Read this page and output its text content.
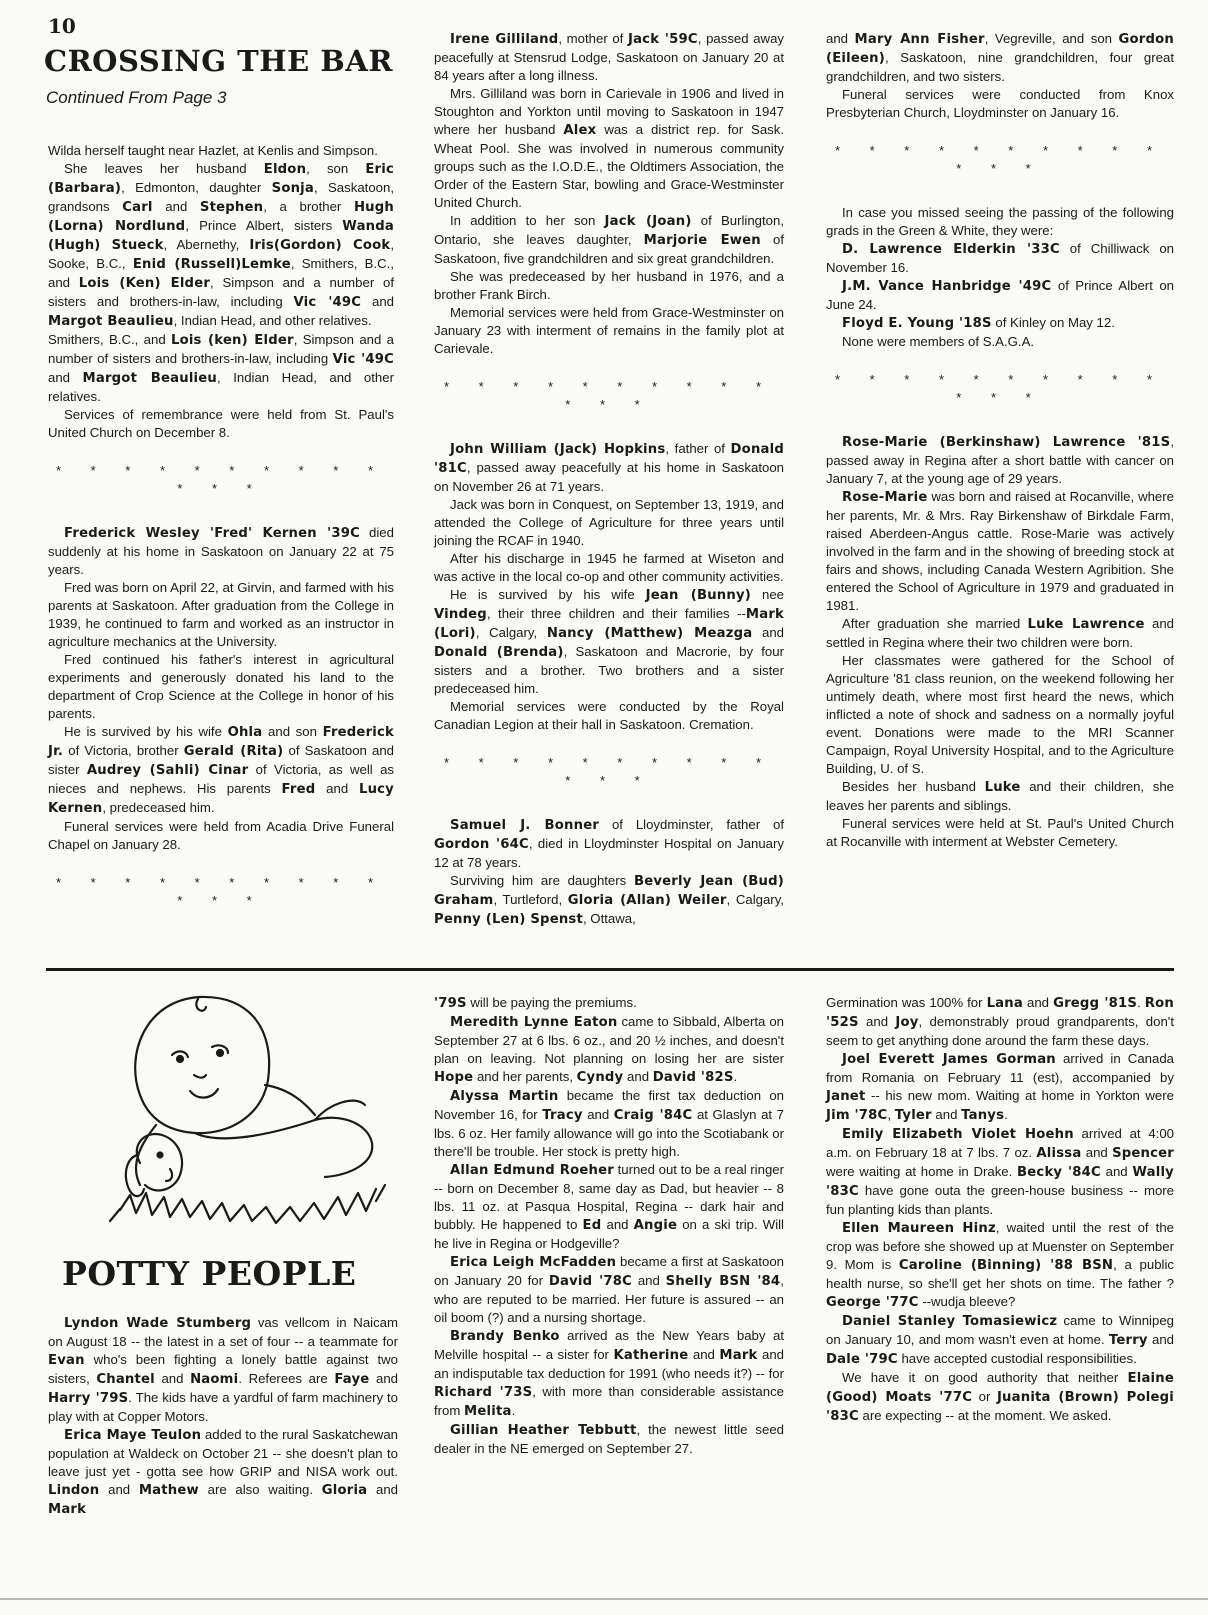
10
CROSSING THE BAR
Continued From Page 3

Wilda herself taught near Hazlet, at Kenlis and Simpson.

She leaves her husband Eldon, son Eric (Barbara), Edmonton, daughter Sonja, Saskatoon, grandsons Carl and Stephen, a brother Hugh (Lorna) Nordlund, Prince Albert, sisters Wanda (Hugh) Stueck, Abernethy, Iris(Gordon) Cook, Sooke, B.C., Enid (Russell)Lemke, Smithers, B.C., and Lois (Ken) Elder, Simpson and a number of sisters and brothers-in-law, including Vic '49C and Margot Beaulieu, Indian Head, and other relatives.

Smithers, B.C., and Lois (ken) Elder, Simpson and a number of sisters and brothers-in-law, including Vic '49C and Margot Beaulieu, Indian Head, and other relatives.

Services of remembrance were held from St. Paul's United Church on December 8.

* * * * * * * * * * * * *

Frederick Wesley 'Fred' Kernen '39C died suddenly at his home in Saskatoon on January 22 at 75 years.

Fred was born on April 22, at Girvin, and farmed with his parents at Saskatoon. After graduation from the College in 1939, he continued to farm and worked as an instructor in agriculture mechanics at the University.

Fred continued his father's interest in agricultural experiments and generously donated his land to the department of Crop Science at the College in honor of his parents.

He is survived by his wife Ohla and son Frederick Jr. of Victoria, brother Gerald (Rita) of Saskatoon and sister Audrey (Sahli) Cinar of Victoria, as well as nieces and nephews. His parents Fred and Lucy Kernen, predeceased him.

Funeral services were held from Acadia Drive Funeral Chapel on January 28.

* * * * * * * * * * * * *

Irene Gilliland, mother of Jack '59C, passed away peacefully at Stensrud Lodge, Saskatoon on January 20 at 84 years after a long illness.

Mrs. Gilliland was born in Carievale in 1906 and lived in Stoughton and Yorkton until moving to Saskatoon in 1947 where her husband Alex was a district rep. for Sask. Wheat Pool. She was involved in numerous community groups such as the I.O.D.E., the Oldtimers Association, the Order of the Eastern Star, bowling and Grace-Westminster United Church.

In addition to her son Jack (Joan) of Burlington, Ontario, she leaves daughter, Marjorie Ewen of Saskatoon, five grandchildren and six great grandchildren.

She was predeceased by her husband in 1976, and a brother Frank Birch.

Memorial services were held from Grace-Westminster on January 23 with interment of remains in the family plot at Carievale.

* * * * * * * * * * * * *

John William (Jack) Hopkins, father of Donald '81C, passed away peacefully at his home in Saskatoon on November 26 at 71 years.

Jack was born in Conquest, on September 13, 1919, and attended the College of Agriculture for three years until joining the RCAF in 1940.

After his discharge in 1945 he farmed at Wiseton and was active in the local co-op and other community activities.

He is survived by his wife Jean (Bunny) nee Vindeg, their three children and their families --Mark (Lori), Calgary, Nancy (Matthew) Meazga and Donald (Brenda), Saskatoon and Macrorie, by four sisters and a brother. Two brothers and a sister predeceased him.

Memorial services were conducted by the Royal Canadian Legion at their hall in Saskatoon. Cremation.

* * * * * * * * * * * * *

Samuel J. Bonner of Lloydminster, father of Gordon '64C, died in Lloydminster Hospital on January 12 at 78 years.

Surviving him are daughters Beverly Jean (Bud) Graham, Turtleford, Gloria (Allan) Weiler, Calgary, Penny (Len) Spenst, Ottawa,

and Mary Ann Fisher, Vegreville, and son Gordon (Eileen), Saskatoon, nine grandchildren, four great grandchildren, and two sisters.

Funeral services were conducted from Knox Presbyterian Church, Lloydminster on January 16.

* * * * * * * * * * * * *

In case you missed seeing the passing of the following grads in the Green & White, they were:

D. Lawrence Elderkin '33C of Chilliwack on November 16.

J.M. Vance Hanbridge '49C of Prince Albert on June 24.

Floyd E. Young '18S of Kinley on May 12.

None were members of S.A.G.A.

* * * * * * * * * * * * *

Rose-Marie (Berkinshaw) Lawrence '81S, passed away in Regina after a short battle with cancer on January 7, at the young age of 29 years.

Rose-Marie was born and raised at Rocanville, where her parents, Mr. & Mrs. Ray Birkenshaw of Birkdale Farm, raised Aberdeen-Angus cattle. Rose-Marie was actively involved in the farm and in the showing of breeding stock at fairs and shows, including Canada Western Agribition. She entered the School of Agriculture in 1979 and graduated in 1981.

After graduation she married Luke Lawrence and settled in Regina where their two children were born.

Her classmates were gathered for the School of Agriculture '81 class reunion, on the weekend following her untimely death, where most first heard the news, which inflicted a note of shock and sadness on a normally joyful event. Donations were made to the MRI Scanner Campaign, Royal University Hospital, and to the Agriculture Building, U. of S.

Besides her husband Luke and their children, she leaves her parents and siblings.

Funeral services were held at St. Paul's United Church at Rocanville with interment at Webster Cemetery.

POTTY PEOPLE

Lyndon Wade Stumberg vas vellcom in Naicam on August 18 -- the latest in a set of four -- a teammate for Evan who's been fighting a lonely battle against two sisters, Chantel and Naomi. Referees are Faye and Harry '79S. The kids have a yardful of farm machinery to play with at Copper Motors.

Erica Maye Teulon added to the rural Saskatchewan population at Waldeck on October 21 -- she doesn't plan to leave just yet - gotta see how GRIP and NISA work out. Lindon and Mathew are also waiting. Gloria and Mark

'79S will be paying the premiums.

Meredith Lynne Eaton came to Sibbald, Alberta on September 27 at 6 lbs. 6 oz., and 20 ½ inches, and doesn't plan on leaving. Not planning on losing her are sister Hope and her parents, Cyndy and David '82S.

Alyssa Martin became the first tax deduction on November 16, for Tracy and Craig '84C at Glaslyn at 7 lbs. 6 oz. Her family allowance will go into the Scotiabank or there'll be trouble. Her stock is pretty high.

Allan Edmund Roeher turned out to be a real ringer -- born on December 8, same day as Dad, but heavier -- 8 lbs. 11 oz. at Pasqua Hospital, Regina -- dark hair and bubbly. He happened to Ed and Angie on a ski trip. Will he live in Regina or Hodgeville?

Erica Leigh McFadden became a first at Saskatoon on January 20 for David '78C and Shelly BSN '84, who are reputed to be married. Her future is assured -- an oil boom (?) and a nursing shortage.

Brandy Benko arrived as the New Years baby at Melville hospital -- a sister for Katherine and Mark and an indisputable tax deduction for 1991 (who needs it?) -- for Richard '73S, with more than considerable assistance from Melita.

Gillian Heather Tebbutt, the newest little seed dealer in the NE emerged on September 27.

Germination was 100% for Lana and Gregg '81S. Ron '52S and Joy, demonstrably proud grandparents, don't seem to get anything done around the farm these days.

Joel Everett James Gorman arrived in Canada from Romania on February 11 (est), accompanied by Janet -- his new mom. Waiting at home in Yorkton were Jim '78C, Tyler and Tanys.

Emily Elizabeth Violet Hoehn arrived at 4:00 a.m. on February 18 at 7 lbs. 7 oz. Alissa and Spencer were waiting at home in Drake. Becky '84C and Wally '83C have gone outa the green-house business -- more fun planting kids than plants.

Ellen Maureen Hinz, waited until the rest of the crop was before she showed up at Muenster on September 9. Mom is Caroline (Binning) '88 BSN, a public health nurse, so she'll get her shots on time. The father ? George '77C --wudja bleeve?

Daniel Stanley Tomasiewicz came to Winnipeg on January 10, and mom wasn't even at home. Terry and Dale '79C have accepted custodial responsibilities.

We have it on good authority that neither Elaine (Good) Moats '77C or Juanita (Brown) Polegi '83C are expecting -- at the moment. We asked.
